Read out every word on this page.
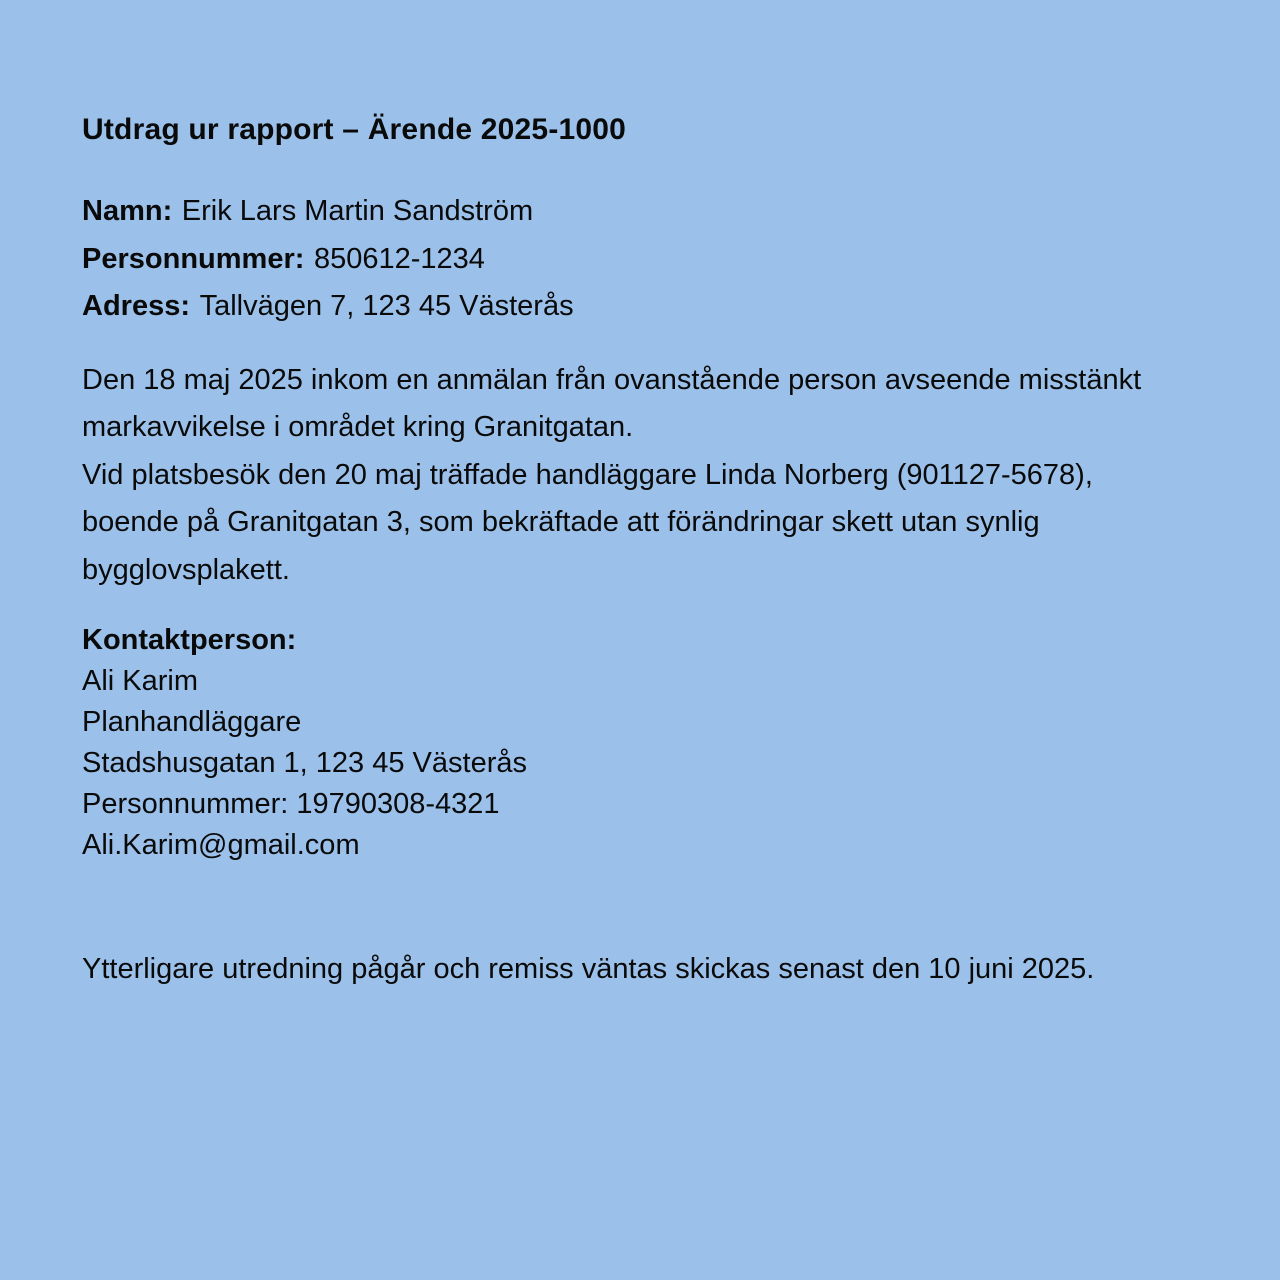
Utdrag ur rapport – Ärende 2025-1000
Namn: Erik Lars Martin Sandström
Personnummer: 850612-1234
Adress: Tallvägen 7, 123 45 Västerås
Den 18 maj 2025 inkom en anmälan från ovanstående person avseende misstänkt markavvikelse i området kring Granitgatan.
Vid platsbesök den 20 maj träffade handläggare Linda Norberg (901127-5678), boende på Granitgatan 3, som bekräftade att förändringar skett utan synlig bygglovsplakett.
Kontaktperson:
Ali Karim
Planhandläggare
Stadshusgatan 1, 123 45 Västerås
Personnummer: 19790308-4321
Ali.Karim@gmail.com
Ytterligare utredning pågår och remiss väntas skickas senast den 10 juni 2025.
